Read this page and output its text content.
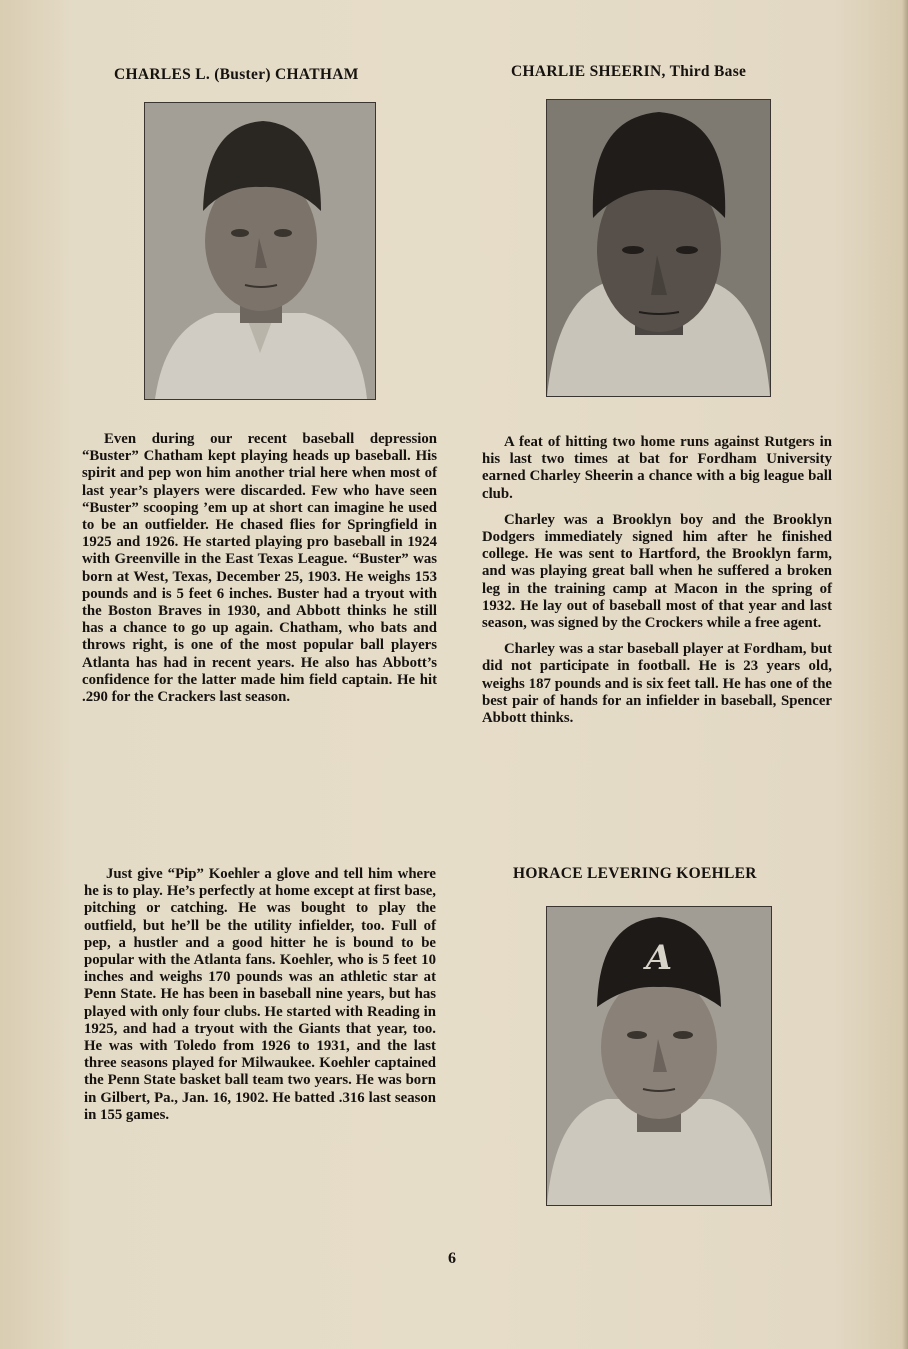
CHARLES L. (Buster) CHATHAM

Even during our recent baseball depression “Buster” Chatham kept playing heads up baseball. His spirit and pep won him another trial here when most of last year’s players were discarded. Few who have seen “Buster” scooping ’em up at short can imagine he used to be an outfielder. He chased flies for Springfield in 1925 and 1926. He started playing pro baseball in 1924 with Greenville in the East Texas League. “Buster” was born at West, Texas, December 25, 1903. He weighs 153 pounds and is 5 feet 6 inches. Buster had a tryout with the Boston Braves in 1930, and Abbott thinks he still has a chance to go up again. Chatham, who bats and throws right, is one of the most popular ball players Atlanta has had in recent years. He also has Abbott’s confidence for the latter made him field captain. He hit .290 for the Crackers last season.

CHARLIE SHEERIN, Third Base

A feat of hitting two home runs against Rutgers in his last two times at bat for Fordham University earned Charley Sheerin a chance with a big league ball club.

Charley was a Brooklyn boy and the Brooklyn Dodgers immediately signed him after he finished college. He was sent to Hartford, the Brooklyn farm, and was playing great ball when he suffered a broken leg in the training camp at Macon in the spring of 1932. He lay out of baseball most of that year and last season, was signed by the Crockers while a free agent.

Charley was a star baseball player at Fordham, but did not participate in football. He is 23 years old, weighs 187 pounds and is six feet tall. He has one of the best pair of hands for an infielder in baseball, Spencer Abbott thinks.

Just give “Pip” Koehler a glove and tell him where he is to play. He’s perfectly at home except at first base, pitching or catching. He was bought to play the outfield, but he’ll be the utility infielder, too. Full of pep, a hustler and a good hitter he is bound to be popular with the Atlanta fans. Koehler, who is 5 feet 10 inches and weighs 170 pounds was an athletic star at Penn State. He has been in baseball nine years, but has played with only four clubs. He started with Reading in 1925, and had a tryout with the Giants that year, too. He was with Toledo from 1926 to 1931, and the last three seasons played for Milwaukee. Koehler captained the Penn State basket ball team two years. He was born in Gilbert, Pa., Jan. 16, 1902. He batted .316 last season in 155 games.

HORACE LEVERING KOEHLER
A
6
